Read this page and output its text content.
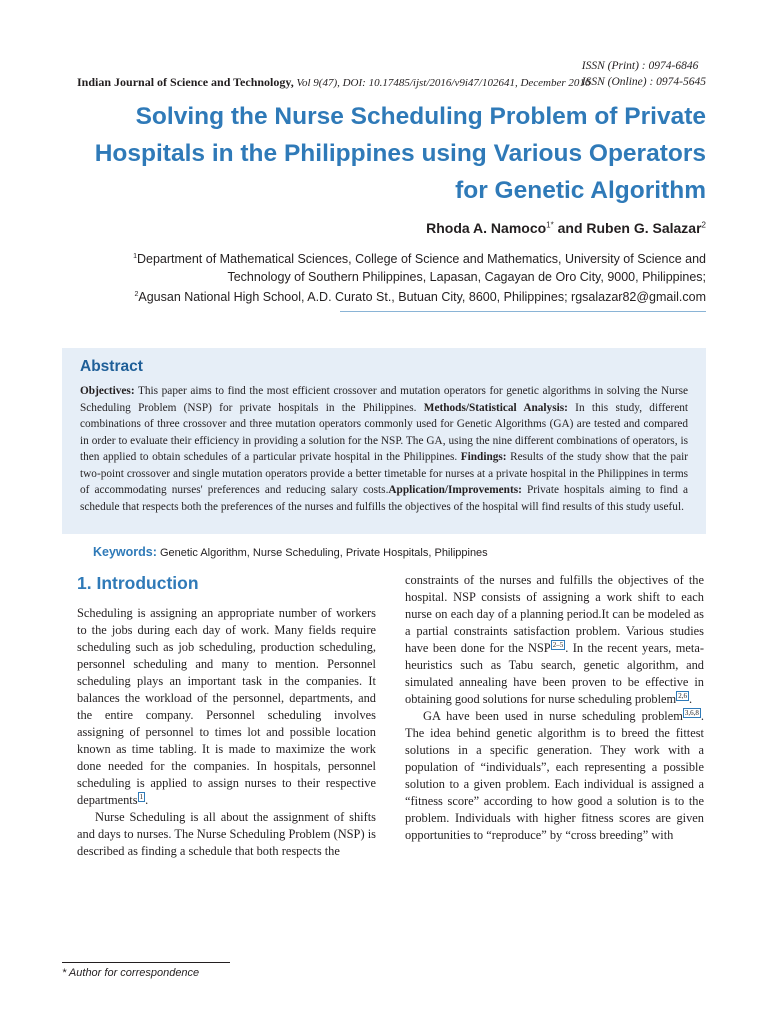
ISSN (Print) : 0974-6846
ISSN (Online) : 0974-5645
Indian Journal of Science and Technology, Vol 9(47), DOI: 10.17485/ijst/2016/v9i47/102641, December 2016
Solving the Nurse Scheduling Problem of Private Hospitals in the Philippines using Various Operators for Genetic Algorithm
Rhoda A. Namoco$^{1*}$ and Ruben G. Salazar$^2$
$^1$Department of Mathematical Sciences, College of Science and Mathematics, University of Science and Technology of Southern Philippines, Lapasan, Cagayan de Oro City, 9000, Philippines;
$^2$Agusan National High School, A.D. Curato St., Butuan City, 8600, Philippines; rgsalazar82@gmail.com
Abstract

Objectives: This paper aims to find the most efficient crossover and mutation operators for genetic algorithms in solving the Nurse Scheduling Problem (NSP) for private hospitals in the Philippines. Methods/Statistical Analysis: In this study, different combinations of three crossover and three mutation operators commonly used for Genetic Algorithms (GA) are tested and compared in order to evaluate their efficiency in providing a solution for the NSP. The GA, using the nine different combinations of operators, is then applied to obtain schedules of a particular private hospital in the Philippines. Findings: Results of the study show that the pair two-point crossover and single mutation operators provide a better timetable for nurses at a private hospital in the Philippines in terms of accommodating nurses' preferences and reducing salary costs.Application/Improvements: Private hospitals aiming to find a schedule that respects both the preferences of the nurses and fulfills the objectives of the hospital will find results of this study useful.

Keywords: Genetic Algorithm, Nurse Scheduling, Private Hospitals, Philippines
1. Introduction

Scheduling is assigning an appropriate number of workers to the jobs during each day of work. Many fields require scheduling such as job scheduling, production scheduling, personnel scheduling and many to mention. Personnel scheduling plays an important task in the companies. It balances the workload of the personnel, departments, and the entire company. Personnel scheduling involves assigning of personnel to times lot and possible location known as time tabling. It is made to maximize the work done needed for the companies. In hospitals, personnel scheduling is applied to assign nurses to their respective departments $^1$ .

Nurse Scheduling is all about the assignment of shifts and days to nurses. The Nurse Scheduling Problem (NSP) is described as finding a schedule that both respects the

constraints of the nurses and fulfills the objectives of the hospital. NSP consists of assigning a work shift to each nurse on each day of a planning period.It can be modeled as a partial constraints satisfaction problem. Various studies have been done for the NSP $^{2-5}$ . In the recent years, meta-heuristics such as Tabu search, genetic algorithm, and simulated annealing have been proven to be effective in obtaining good solutions for nurse scheduling problem $^{2,6}$ .

GA have been used in nurse scheduling problem $^{3,6,8}$ . The idea behind genetic algorithm is to breed the fittest solutions in a specific generation. They work with a population of “individuals”, each representing a possible solution to a given problem. Each individual is assigned a “fitness score” according to how good a solution is to the problem. Individuals with higher fitness scores are given opportunities to “reproduce” by “cross breeding” with

* Author for correspondence
